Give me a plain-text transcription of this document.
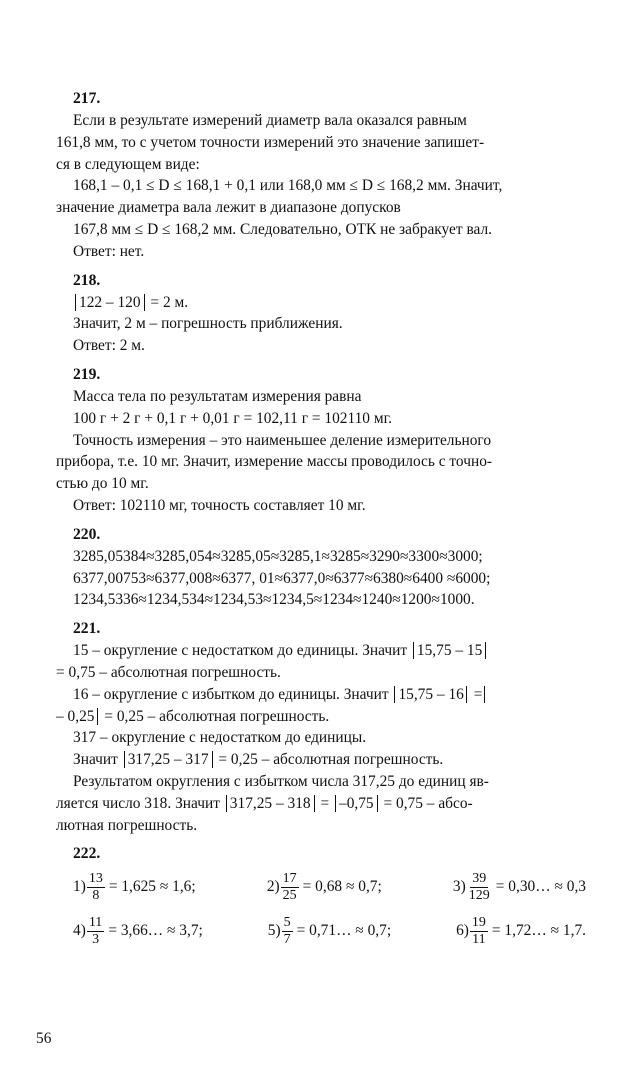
217.
Если в результате измерений диаметр вала оказался равным
161,8 мм, то с учетом точности измерений это значение запишет-
ся в следующем виде:
168,1 – 0,1 ≤ D ≤ 168,1 + 0,1 или 168,0 мм ≤ D ≤ 168,2 мм. Значит,
значение диаметра вала лежит в диапазоне допусков
167,8 мм ≤ D ≤ 168,2 мм. Следовательно, ОТК не забракует вал.
Ответ: нет.
218.
122 – 120 = 2 м.
Значит, 2 м – погрешность приближения.
Ответ: 2 м.
219.
Масса тела по результатам измерения равна
100 г + 2 г + 0,1 г + 0,01 г = 102,11 г = 102110 мг.
Точность измерения – это наименьшее деление измерительного
прибора, т.е. 10 мг. Значит, измерение массы проводилось с точно-
стью до 10 мг.
Ответ: 102110 мг, точность составляет 10 мг.
220.
3285,05384≈3285,054≈3285,05≈3285,1≈3285≈3290≈3300≈3000;
6377,00753≈6377,008≈6377, 01≈6377,0≈6377≈6380≈6400 ≈6000;
1234,5336≈1234,534≈1234,53≈1234,5≈1234≈1240≈1200≈1000.
221.
15 – округление с недостатком до единицы. Значит 15,75 – 15
= 0,75 – абсолютная погрешность.
16 – округление с избытком до единицы. Значит 15,75 – 16 =
– 0,25 = 0,25 – абсолютная погрешность.
317 – округление с недостатком до единицы.
Значит 317,25 – 317 = 0,25 – абсолютная погрешность.
Результатом округления с избытком числа 317,25 до единиц яв-
ляется число 318. Значит 317,25 – 318 = –0,75 = 0,75 – абсо-
лютная погрешность.
222.
$1) \frac{13}{8} = 1,625 \approx 1,6$;	$2) \frac{17}{25} = 0,68 \approx 0,7$;	$3) \frac{39}{129}$ = 0,30… ≈ 0,3
$4) \frac{11}{3}$ = 3,66… ≈ 3,7;	$5) \frac{5}{7}$ = 0,71… ≈ 0,7;	$6) \frac{19}{11}$ = 1,72… ≈ 1,7.
56
